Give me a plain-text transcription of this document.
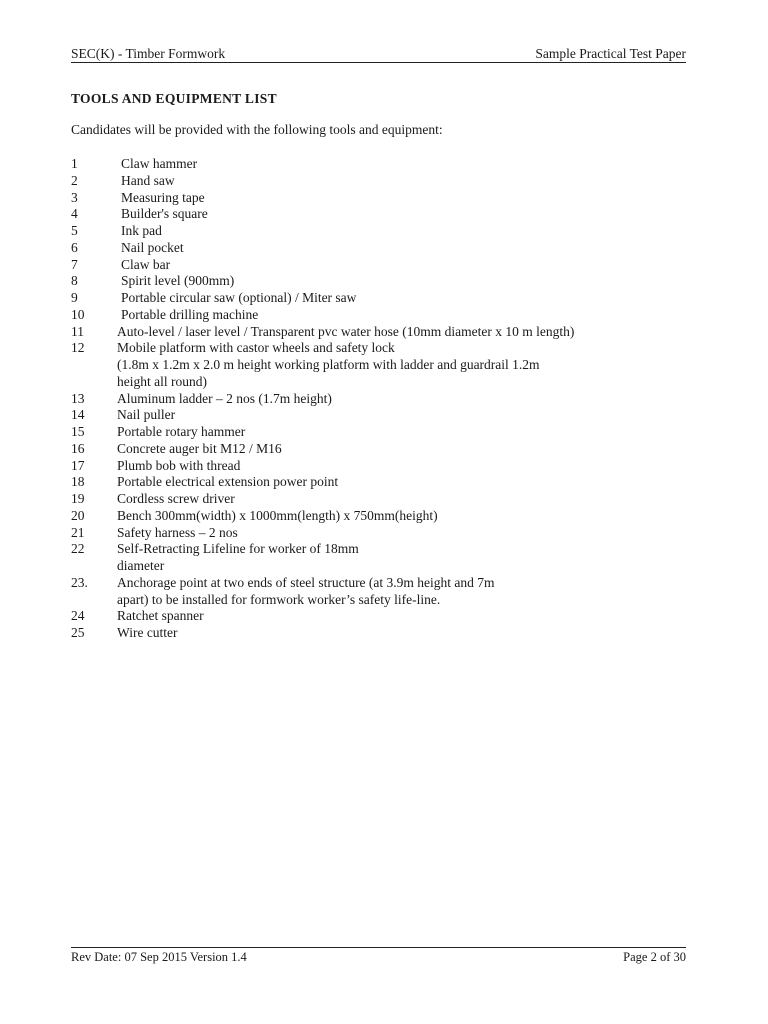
SEC(K) - Timber Formwork	Sample Practical Test Paper
TOOLS AND EQUIPMENT LIST
Candidates will be provided with the following tools and equipment:
1	Claw hammer
2	Hand saw
3	Measuring tape
4	Builder's square
5	Ink pad
6	Nail pocket
7	Claw bar
8	Spirit level (900mm)
9	Portable circular saw (optional) / Miter saw
10	Portable drilling machine
11	Auto-level / laser level / Transparent pvc water hose (10mm diameter x 10 m length)
12	Mobile platform with castor wheels and safety lock
(1.8m x 1.2m x 2.0 m height working platform with ladder and guardrail 1.2m
height all round)
13	Aluminum ladder – 2 nos (1.7m height)
14	Nail puller
15	Portable rotary hammer
16	Concrete auger bit M12 / M16
17	Plumb bob with thread
18	Portable electrical extension power point
19	Cordless screw driver
20	Bench 300mm(width) x 1000mm(length) x 750mm(height)
21	Safety harness – 2 nos
22	Self-Retracting Lifeline for worker of 18mm
diameter
23.	Anchorage point at two ends of steel structure (at 3.9m height and 7m
apart) to be installed for formwork worker’s safety life-line.
24	Ratchet spanner
25	Wire cutter
Rev Date: 07 Sep 2015 Version 1.4	Page 2 of 30
